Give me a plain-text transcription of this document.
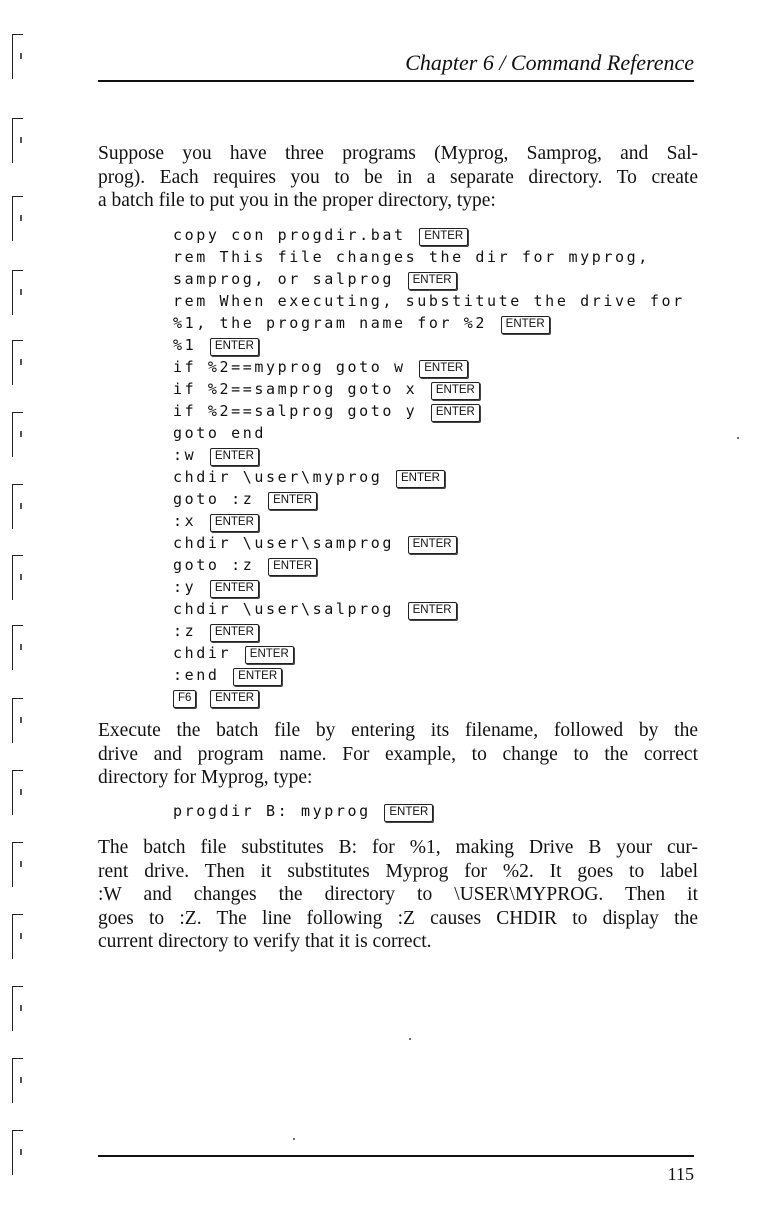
Chapter 6 / Command Reference
Suppose you have three programs (Myprog, Samprog, and Sal-
prog). Each requires you to be in a separate directory. To create
a batch file to put you in the proper directory, type:
copy con progdir.bat ENTER
rem This file changes the dir for myprog,
samprog, or salprog ENTER
rem When executing, substitute the drive for
%1, the program name for %2 ENTER
%1 ENTER
if %2==myprog goto w ENTER
if %2==samprog goto x ENTER
if %2==salprog goto y ENTER
goto end
:w ENTER
chdir \user\myprog ENTER
goto :z ENTER
:x ENTER
chdir \user\samprog ENTER
goto :z ENTER
:y ENTER
chdir \user\salprog ENTER
:z ENTER
chdir ENTER
:end ENTER
F6 ENTER
Execute the batch file by entering its filename, followed by the
drive and program name. For example, to change to the correct
directory for Myprog, type:
progdir B: myprog ENTER
The batch file substitutes B: for %1, making Drive B your cur-
rent drive. Then it substitutes Myprog for %2. It goes to label
:W and changes the directory to \USER\MYPROG. Then it
goes to :Z. The line following :Z causes CHDIR to display the
current directory to verify that it is correct.
115
